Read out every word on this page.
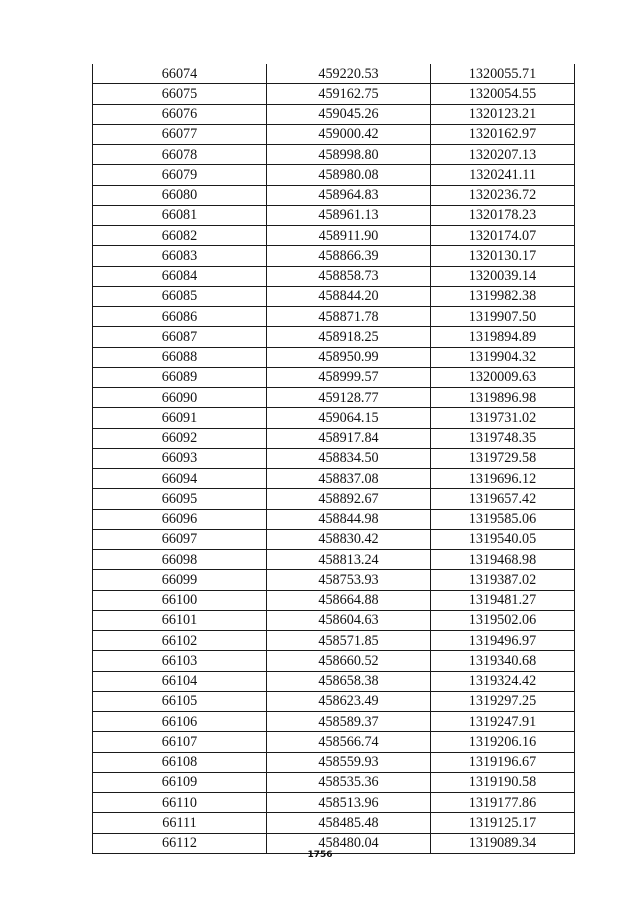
66074	459220.53	1320055.71
66075	459162.75	1320054.55
66076	459045.26	1320123.21
66077	459000.42	1320162.97
66078	458998.80	1320207.13
66079	458980.08	1320241.11
66080	458964.83	1320236.72
66081	458961.13	1320178.23
66082	458911.90	1320174.07
66083	458866.39	1320130.17
66084	458858.73	1320039.14
66085	458844.20	1319982.38
66086	458871.78	1319907.50
66087	458918.25	1319894.89
66088	458950.99	1319904.32
66089	458999.57	1320009.63
66090	459128.77	1319896.98
66091	459064.15	1319731.02
66092	458917.84	1319748.35
66093	458834.50	1319729.58
66094	458837.08	1319696.12
66095	458892.67	1319657.42
66096	458844.98	1319585.06
66097	458830.42	1319540.05
66098	458813.24	1319468.98
66099	458753.93	1319387.02
66100	458664.88	1319481.27
66101	458604.63	1319502.06
66102	458571.85	1319496.97
66103	458660.52	1319340.68
66104	458658.38	1319324.42
66105	458623.49	1319297.25
66106	458589.37	1319247.91
66107	458566.74	1319206.16
66108	458559.93	1319196.67
66109	458535.36	1319190.58
66110	458513.96	1319177.86
66111	458485.48	1319125.17
66112	458480.04	1319089.34
1756
